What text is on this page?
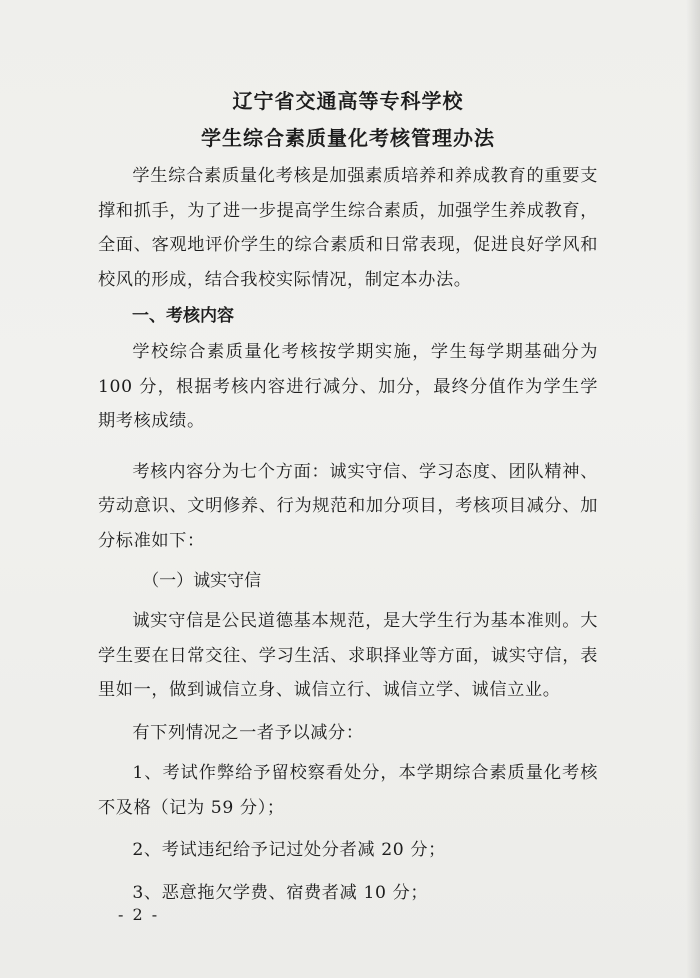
辽宁省交通高等专科学校
学生综合素质量化考核管理办法

学生综合素质量化考核是加强素质培养和养成教育的重要支撑和抓手，为了进一步提高学生综合素质，加强学生养成教育，全面、客观地评价学生的综合素质和日常表现，促进良好学风和校风的形成，结合我校实际情况，制定本办法。

一、考核内容

学校综合素质量化考核按学期实施，学生每学期基础分为 100 分，根据考核内容进行减分、加分，最终分值作为学生学期考核成绩。

考核内容分为七个方面：诚实守信、学习态度、团队精神、劳动意识、文明修养、行为规范和加分项目，考核项目减分、加分标准如下：

（一）诚实守信

诚实守信是公民道德基本规范，是大学生行为基本准则。大学生要在日常交往、学习生活、求职择业等方面，诚实守信，表里如一，做到诚信立身、诚信立行、诚信立学、诚信立业。

有下列情况之一者予以减分：

1、考试作弊给予留校察看处分，本学期综合素质量化考核不及格（记为 59 分）；

2、考试违纪给予记过处分者减 20 分；

3、恶意拖欠学费、宿费者减 10 分；

- 2 -
